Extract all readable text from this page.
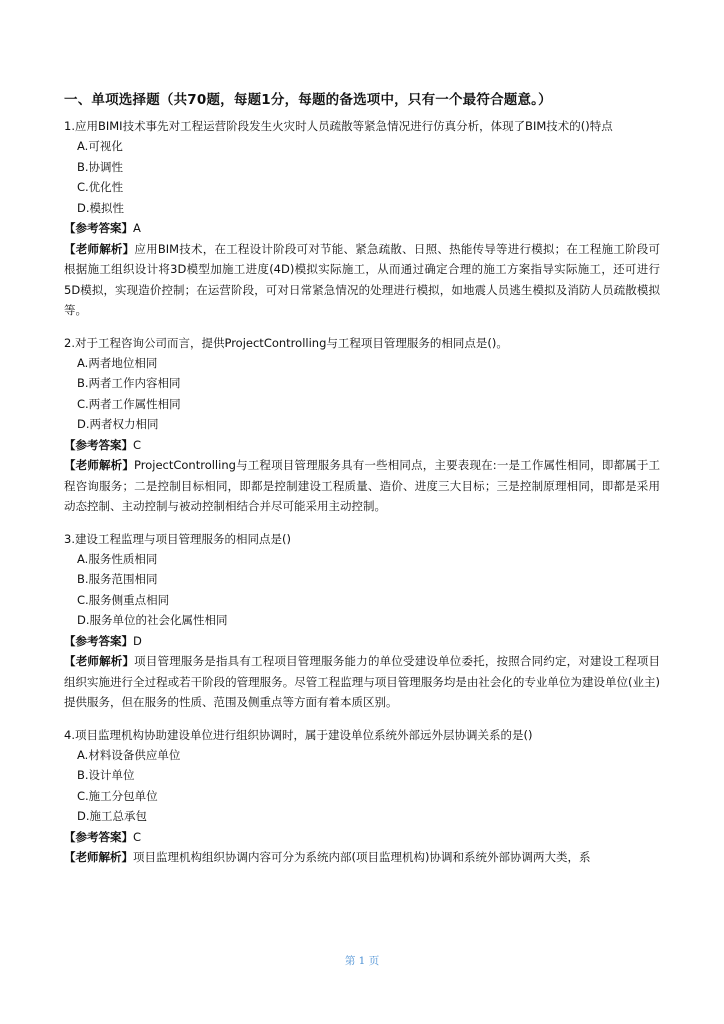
一、单项选择题（共70题，每题1分，每题的备选项中，只有一个最符合题意。）
1.应用BIMI技术事先对工程运营阶段发生火灾时人员疏散等紧急情况进行仿真分析，体现了BIM技术的()特点
A.可视化
B.协调性
C.优化性
D.模拟性
【参考答案】A
【老师解析】应用BIM技术，在工程设计阶段可对节能、紧急疏散、日照、热能传导等进行模拟；在工程施工阶段可根据施工组织设计将3D模型加施工进度(4D)模拟实际施工，从而通过确定合理的施工方案指导实际施工，还可进行5D模拟，实现造价控制；在运营阶段，可对日常紧急情况的处理进行模拟，如地震人员逃生模拟及消防人员疏散模拟等。
2.对于工程咨询公司而言，提供ProjectControlling与工程项目管理服务的相同点是()。
A.两者地位相同
B.两者工作内容相同
C.两者工作属性相同
D.两者权力相同
【参考答案】C
【老师解析】ProjectControlling与工程项目管理服务具有一些相同点，主要表现在:一是工作属性相同，即都属于工程咨询服务；二是控制目标相同，即都是控制建设工程质量、造价、进度三大目标；三是控制原理相同，即都是采用动态控制、主动控制与被动控制相结合并尽可能采用主动控制。
3.建设工程监理与项目管理服务的相同点是()
A.服务性质相同
B.服务范围相同
C.服务侧重点相同
D.服务单位的社会化属性相同
【参考答案】D
【老师解析】项目管理服务是指具有工程项目管理服务能力的单位受建设单位委托，按照合同约定，对建设工程项目组织实施进行全过程或若干阶段的管理服务。尽管工程监理与项目管理服务均是由社会化的专业单位为建设单位(业主)提供服务，但在服务的性质、范围及侧重点等方面有着本质区别。
4.项目监理机构协助建设单位进行组织协调时，属于建设单位系统外部远外层协调关系的是()
A.材料设备供应单位
B.设计单位
C.施工分包单位
D.施工总承包
【参考答案】C
【老师解析】项目监理机构组织协调内容可分为系统内部(项目监理机构)协调和系统外部协调两大类，系
第 1 页
